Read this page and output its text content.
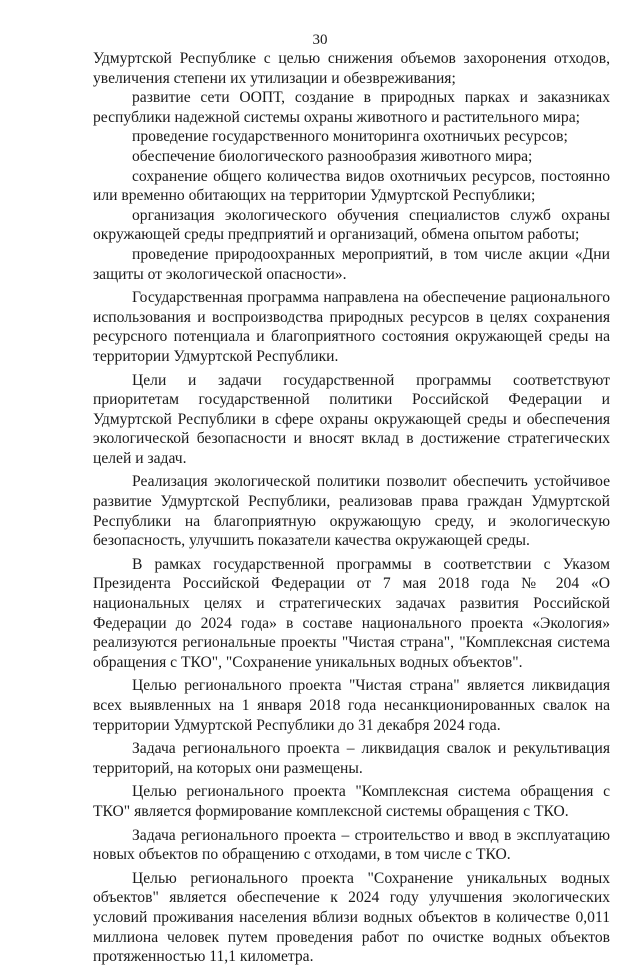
30

Удмуртской Республике с целью снижения объемов захоронения отходов, увеличения степени их утилизации и обезвреживания;

развитие сети ООПТ, создание в природных парках и заказниках республики надежной системы охраны животного и растительного мира;

проведение государственного мониторинга охотничьих ресурсов;

обеспечение биологического разнообразия животного мира;

сохранение общего количества видов охотничьих ресурсов, постоянно или временно обитающих на территории Удмуртской Республики;

организация экологического обучения специалистов служб охраны окружающей среды предприятий и организаций, обмена опытом работы;

проведение природоохранных мероприятий, в том числе акции «Дни защиты от экологической опасности».

Государственная программа направлена на обеспечение рационального использования и воспроизводства природных ресурсов в целях сохранения ресурсного потенциала и благоприятного состояния окружающей среды на территории Удмуртской Республики.

Цели и задачи государственной программы соответствуют приоритетам государственной политики Российской Федерации и Удмуртской Республики в сфере охраны окружающей среды и обеспечения экологической безопасности и вносят вклад в достижение стратегических целей и задач.

Реализация экологической политики позволит обеспечить устойчивое развитие Удмуртской Республики, реализовав права граждан Удмуртской Республики на благоприятную окружающую среду, и экологическую безопасность, улучшить показатели качества окружающей среды.

В рамках государственной программы в соответствии с Указом Президента Российской Федерации от 7 мая 2018 года № 204 «О национальных целях и стратегических задачах развития Российской Федерации до 2024 года» в составе национального проекта «Экология» реализуются региональные проекты "Чистая страна", "Комплексная система обращения с ТКО", "Сохранение уникальных водных объектов".

Целью регионального проекта "Чистая страна" является ликвидация всех выявленных на 1 января 2018 года несанкционированных свалок на территории Удмуртской Республики до 31 декабря 2024 года.

Задача регионального проекта – ликвидация свалок и рекультивация территорий, на которых они размещены.

Целью регионального проекта "Комплексная система обращения с ТКО" является формирование комплексной системы обращения с ТКО.

Задача регионального проекта – строительство и ввод в эксплуатацию новых объектов по обращению с отходами, в том числе с ТКО.

Целью регионального проекта "Сохранение уникальных водных объектов" является обеспечение к 2024 году улучшения экологических условий проживания населения вблизи водных объектов в количестве 0,011 миллиона человек путем проведения работ по очистке водных объектов протяженностью 11,1 километра.
